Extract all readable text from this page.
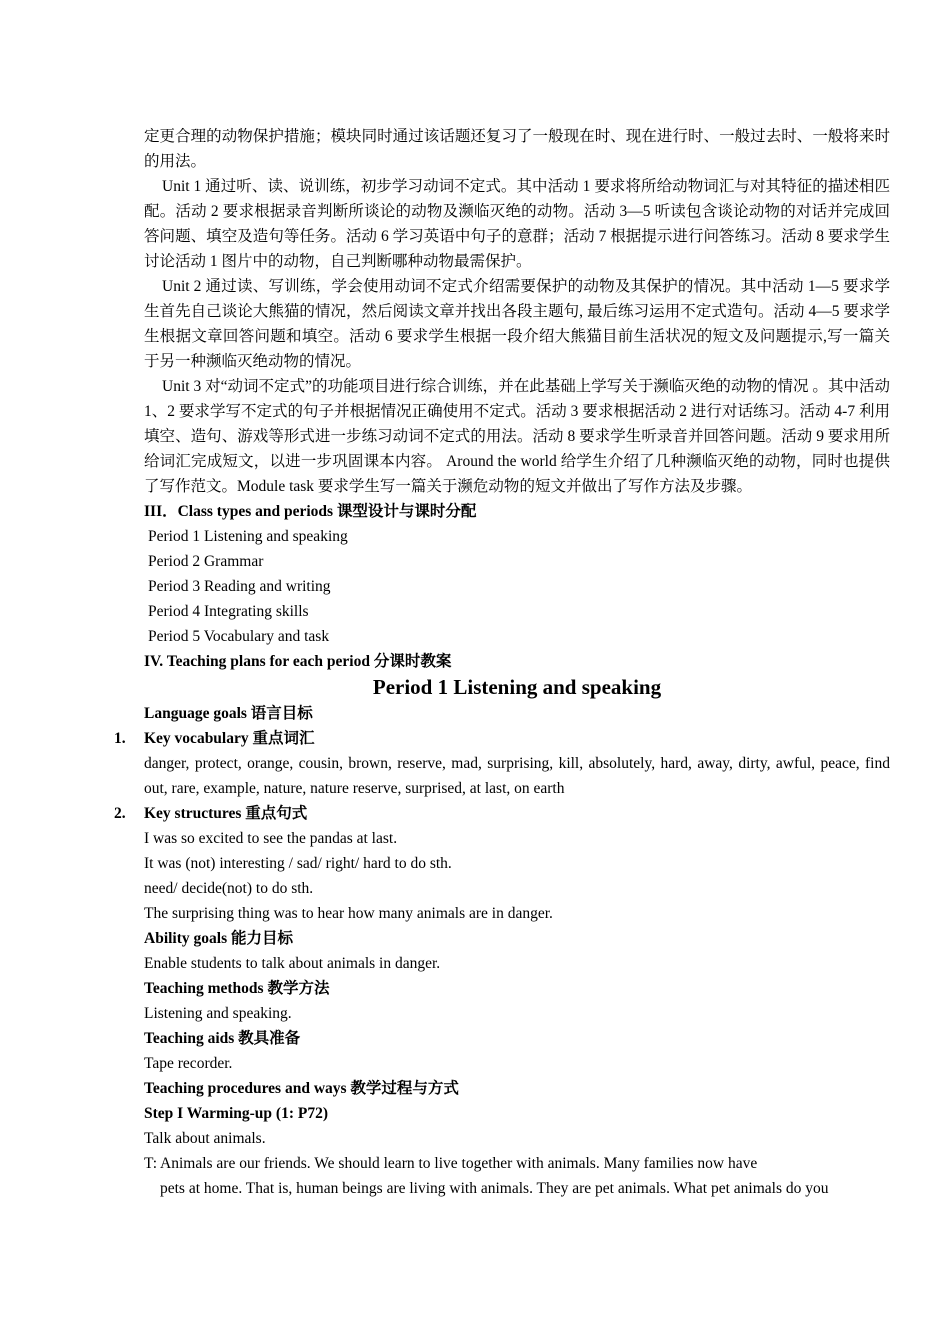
定更合理的动物保护措施；模块同时通过该话题还复习了一般现在时、现在进行时、一般过去时、一般将来时的用法。

Unit 1 通过听、读、说训练，初步学习动词不定式。其中活动 1 要求将所给动物词汇与对其特征的描述相匹配。活动 2 要求根据录音判断所谈论的动物及濒临灭绝的动物。活动 3—5 听读包含谈论动物的对话并完成回答问题、填空及造句等任务。活动 6 学习英语中句子的意群；活动 7 根据提示进行问答练习。活动 8 要求学生讨论活动 1 图片中的动物，自己判断哪种动物最需保护。

Unit 2 通过读、写训练，学会使用动词不定式介绍需要保护的动物及其保护的情况。其中活动 1—5 要求学生首先自己谈论大熊猫的情况，然后阅读文章并找出各段主题句, 最后练习运用不定式造句。活动 4—5 要求学生根据文章回答问题和填空。活动 6 要求学生根据一段介绍大熊猫目前生活状况的短文及问题提示,写一篇关于另一种濒临灭绝动物的情况。

Unit 3 对“动词不定式”的功能项目进行综合训练，并在此基础上学写关于濒临灭绝的动物的情况 。其中活动 1、2 要求学写不定式的句子并根据情况正确使用不定式。活动 3 要求根据活动 2 进行对话练习。活动 4-7 利用填空、造句、游戏等形式进一步练习动词不定式的用法。活动 8 要求学生听录音并回答问题。活动 9 要求用所给词汇完成短文，以进一步巩固课本内容。 Around the world 给学生介绍了几种濒临灭绝的动物，同时也提供了写作范文。Module task 要求学生写一篇关于濒危动物的短文并做出了写作方法及步骤。

III．Class types and periods 课型设计与课时分配

Period 1 Listening and speaking

Period 2 Grammar

Period 3 Reading and writing

Period 4 Integrating skills

Period 5 Vocabulary and task

IV. Teaching plans for each period 分课时教案

Period 1 Listening and speaking

Language goals 语言目标

1. Key vocabulary 重点词汇

danger, protect, orange, cousin, brown, reserve, mad, surprising, kill, absolutely, hard, away, dirty, awful, peace, find out, rare, example, nature, nature reserve, surprised, at last, on earth

2. Key structures 重点句式

I was so excited to see the pandas at last.

It was (not) interesting / sad/ right/ hard to do sth.

need/ decide(not) to do sth.

The surprising thing was to hear how many animals are in danger.

Ability goals 能力目标

Enable students to talk about animals in danger.

Teaching methods 教学方法

Listening and speaking.

Teaching aids 教具准备

Tape recorder.

Teaching procedures and ways 教学过程与方式

Step I Warming-up (1: P72)

Talk about animals.

T: Animals are our friends. We should learn to live together with animals. Many families now have

pets at home. That is, human beings are living with animals. They are pet animals. What pet animals do you
